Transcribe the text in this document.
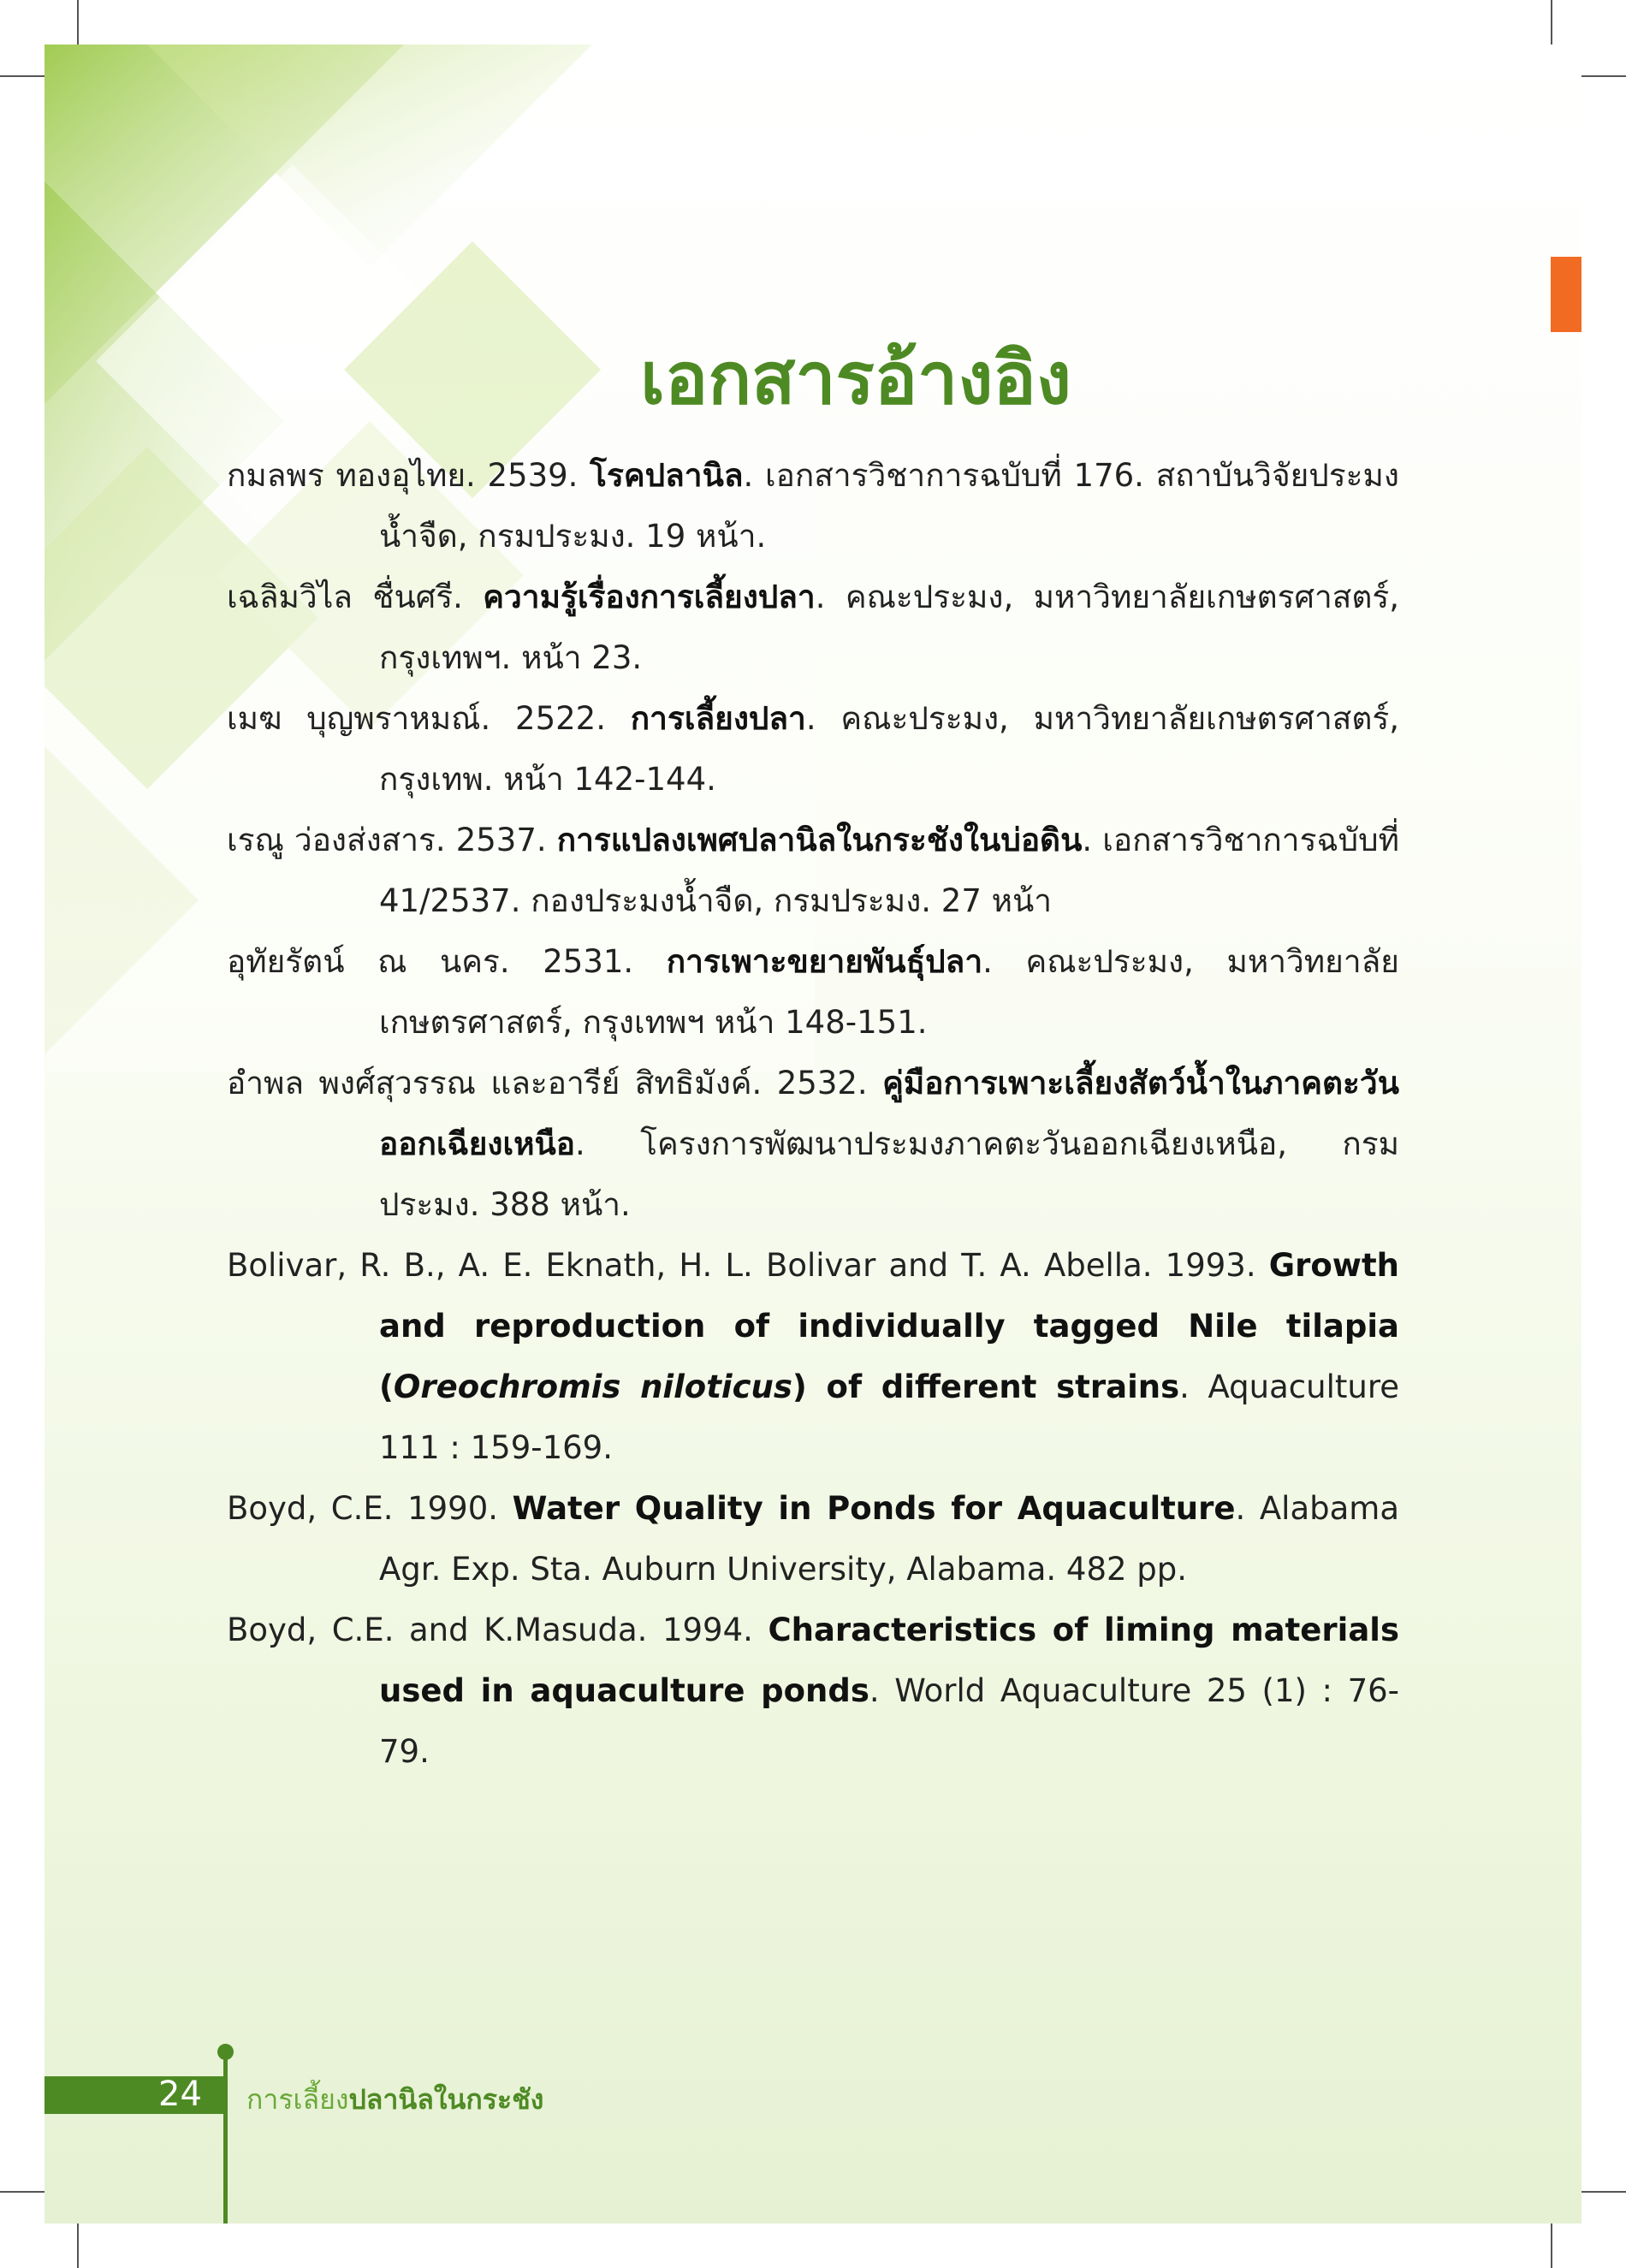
เอกสารอ้างอิง

กมลพร ทองอุไทย. 2539. โรคปลานิล. เอกสารวิชาการฉบับที่ 176. สถาบันวิจัยประมงน้ำจืด, กรมประมง. 19 หน้า.

เฉลิมวิไล ชื่นศรี. ความรู้เรื่องการเลี้ยงปลา. คณะประมง, มหาวิทยาลัยเกษตรศาสตร์, กรุงเทพฯ. หน้า 23.

เมฆ บุญพราหมณ์. 2522. การเลี้ยงปลา. คณะประมง, มหาวิทยาลัยเกษตรศาสตร์, กรุงเทพ. หน้า 142-144.

เรณู ว่องส่งสาร. 2537. การแปลงเพศปลานิลในกระชังในบ่อดิน. เอกสารวิชาการฉบับที่ 41/2537. กองประมงน้ำจืด, กรมประมง. 27 หน้า

อุทัยรัตน์ ณ นคร. 2531. การเพาะขยายพันธุ์ปลา. คณะประมง, มหาวิทยาลัยเกษตรศาสตร์, กรุงเทพฯ หน้า 148-151.

อำพล พงศ์สุวรรณ และอารีย์ สิทธิมังค์. 2532. คู่มือการเพาะเลี้ยงสัตว์น้ำในภาคตะวันออกเฉียงเหนือ. โครงการพัฒนาประมงภาคตะวันออกเฉียงเหนือ, กรมประมง. 388 หน้า.

Bolivar, R. B., A. E. Eknath, H. L. Bolivar and T. A. Abella. 1993. Growth and reproduction of individually tagged Nile tilapia (Oreochromis niloticus) of different strains. Aquaculture 111 : 159-169.

Boyd, C.E. 1990. Water Quality in Ponds for Aquaculture. Alabama Agr. Exp. Sta. Auburn University, Alabama. 482 pp.

Boyd, C.E. and K.Masuda. 1994. Characteristics of liming materials used in aquaculture ponds. World Aquaculture 25 (1) : 76-79.

24 การเลี้ยงปลานิลในกระชัง
